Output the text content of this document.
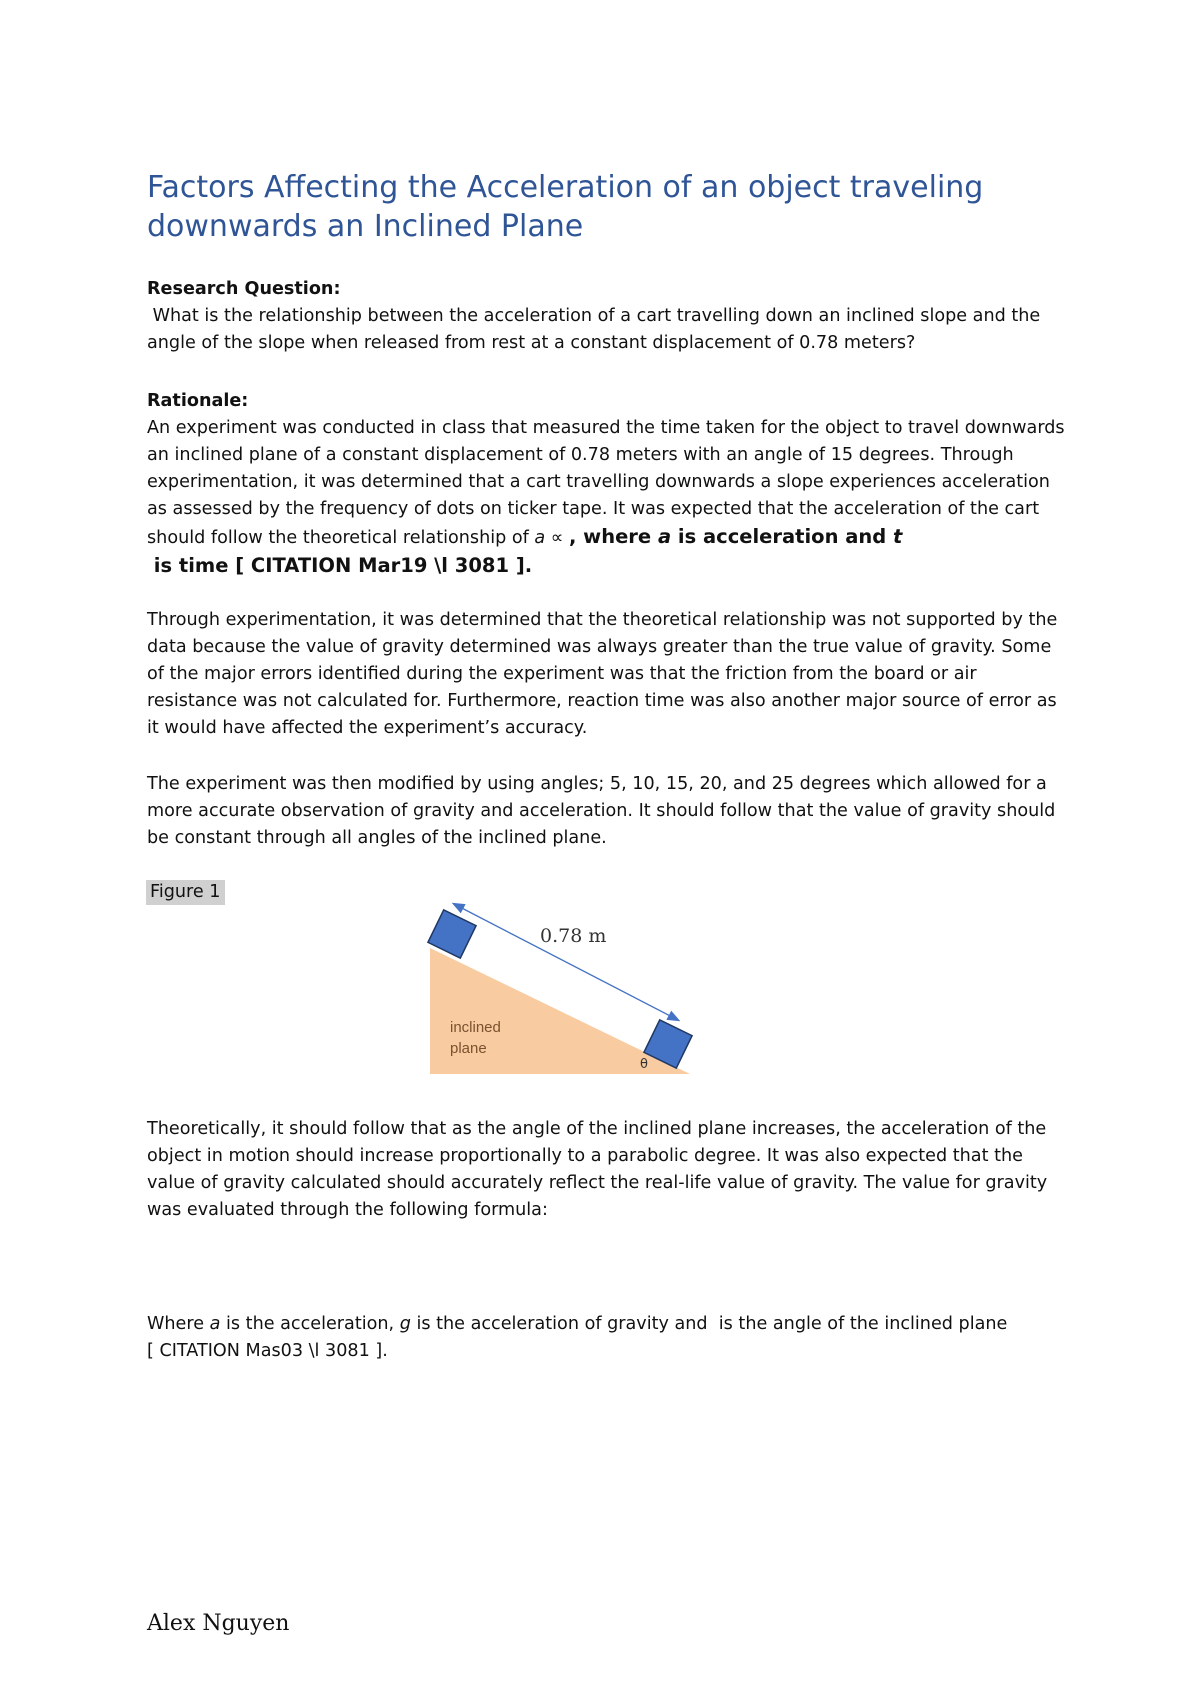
Factors Affecting the Acceleration of an object traveling downwards an Inclined Plane
Research Question:
What is the relationship between the acceleration of a cart travelling down an inclined slope and the angle of the slope when released from rest at a constant displacement of 0.78 meters?
Rationale:
An experiment was conducted in class that measured the time taken for the object to travel downwards an inclined plane of a constant displacement of 0.78 meters with an angle of 15 degrees. Through experimentation, it was determined that a cart travelling downwards a slope experiences acceleration as assessed by the frequency of dots on ticker tape. It was expected that the acceleration of the cart should follow the theoretical relationship of a ∝ , where a is acceleration and t is time [ CITATION Mar19 \l 3081 ].
Through experimentation, it was determined that the theoretical relationship was not supported by the data because the value of gravity determined was always greater than the true value of gravity. Some of the major errors identified during the experiment was that the friction from the board or air resistance was not calculated for. Furthermore, reaction time was also another major source of error as it would have affected the experiment’s accuracy.
The experiment was then modified by using angles; 5, 10, 15, 20, and 25 degrees which allowed for a more accurate observation of gravity and acceleration. It should follow that the value of gravity should be constant through all angles of the inclined plane.
Figure 1
0.78 m
inclined
plane
θ
Theoretically, it should follow that as the angle of the inclined plane increases, the acceleration of the object in motion should increase proportionally to a parabolic degree. It was also expected that the value of gravity calculated should accurately reflect the real-life value of gravity. The value for gravity was evaluated through the following formula:
Where a is the acceleration, g is the acceleration of gravity and  is the angle of the inclined plane
[ CITATION Mas03 \l 3081 ].
Alex Nguyen
